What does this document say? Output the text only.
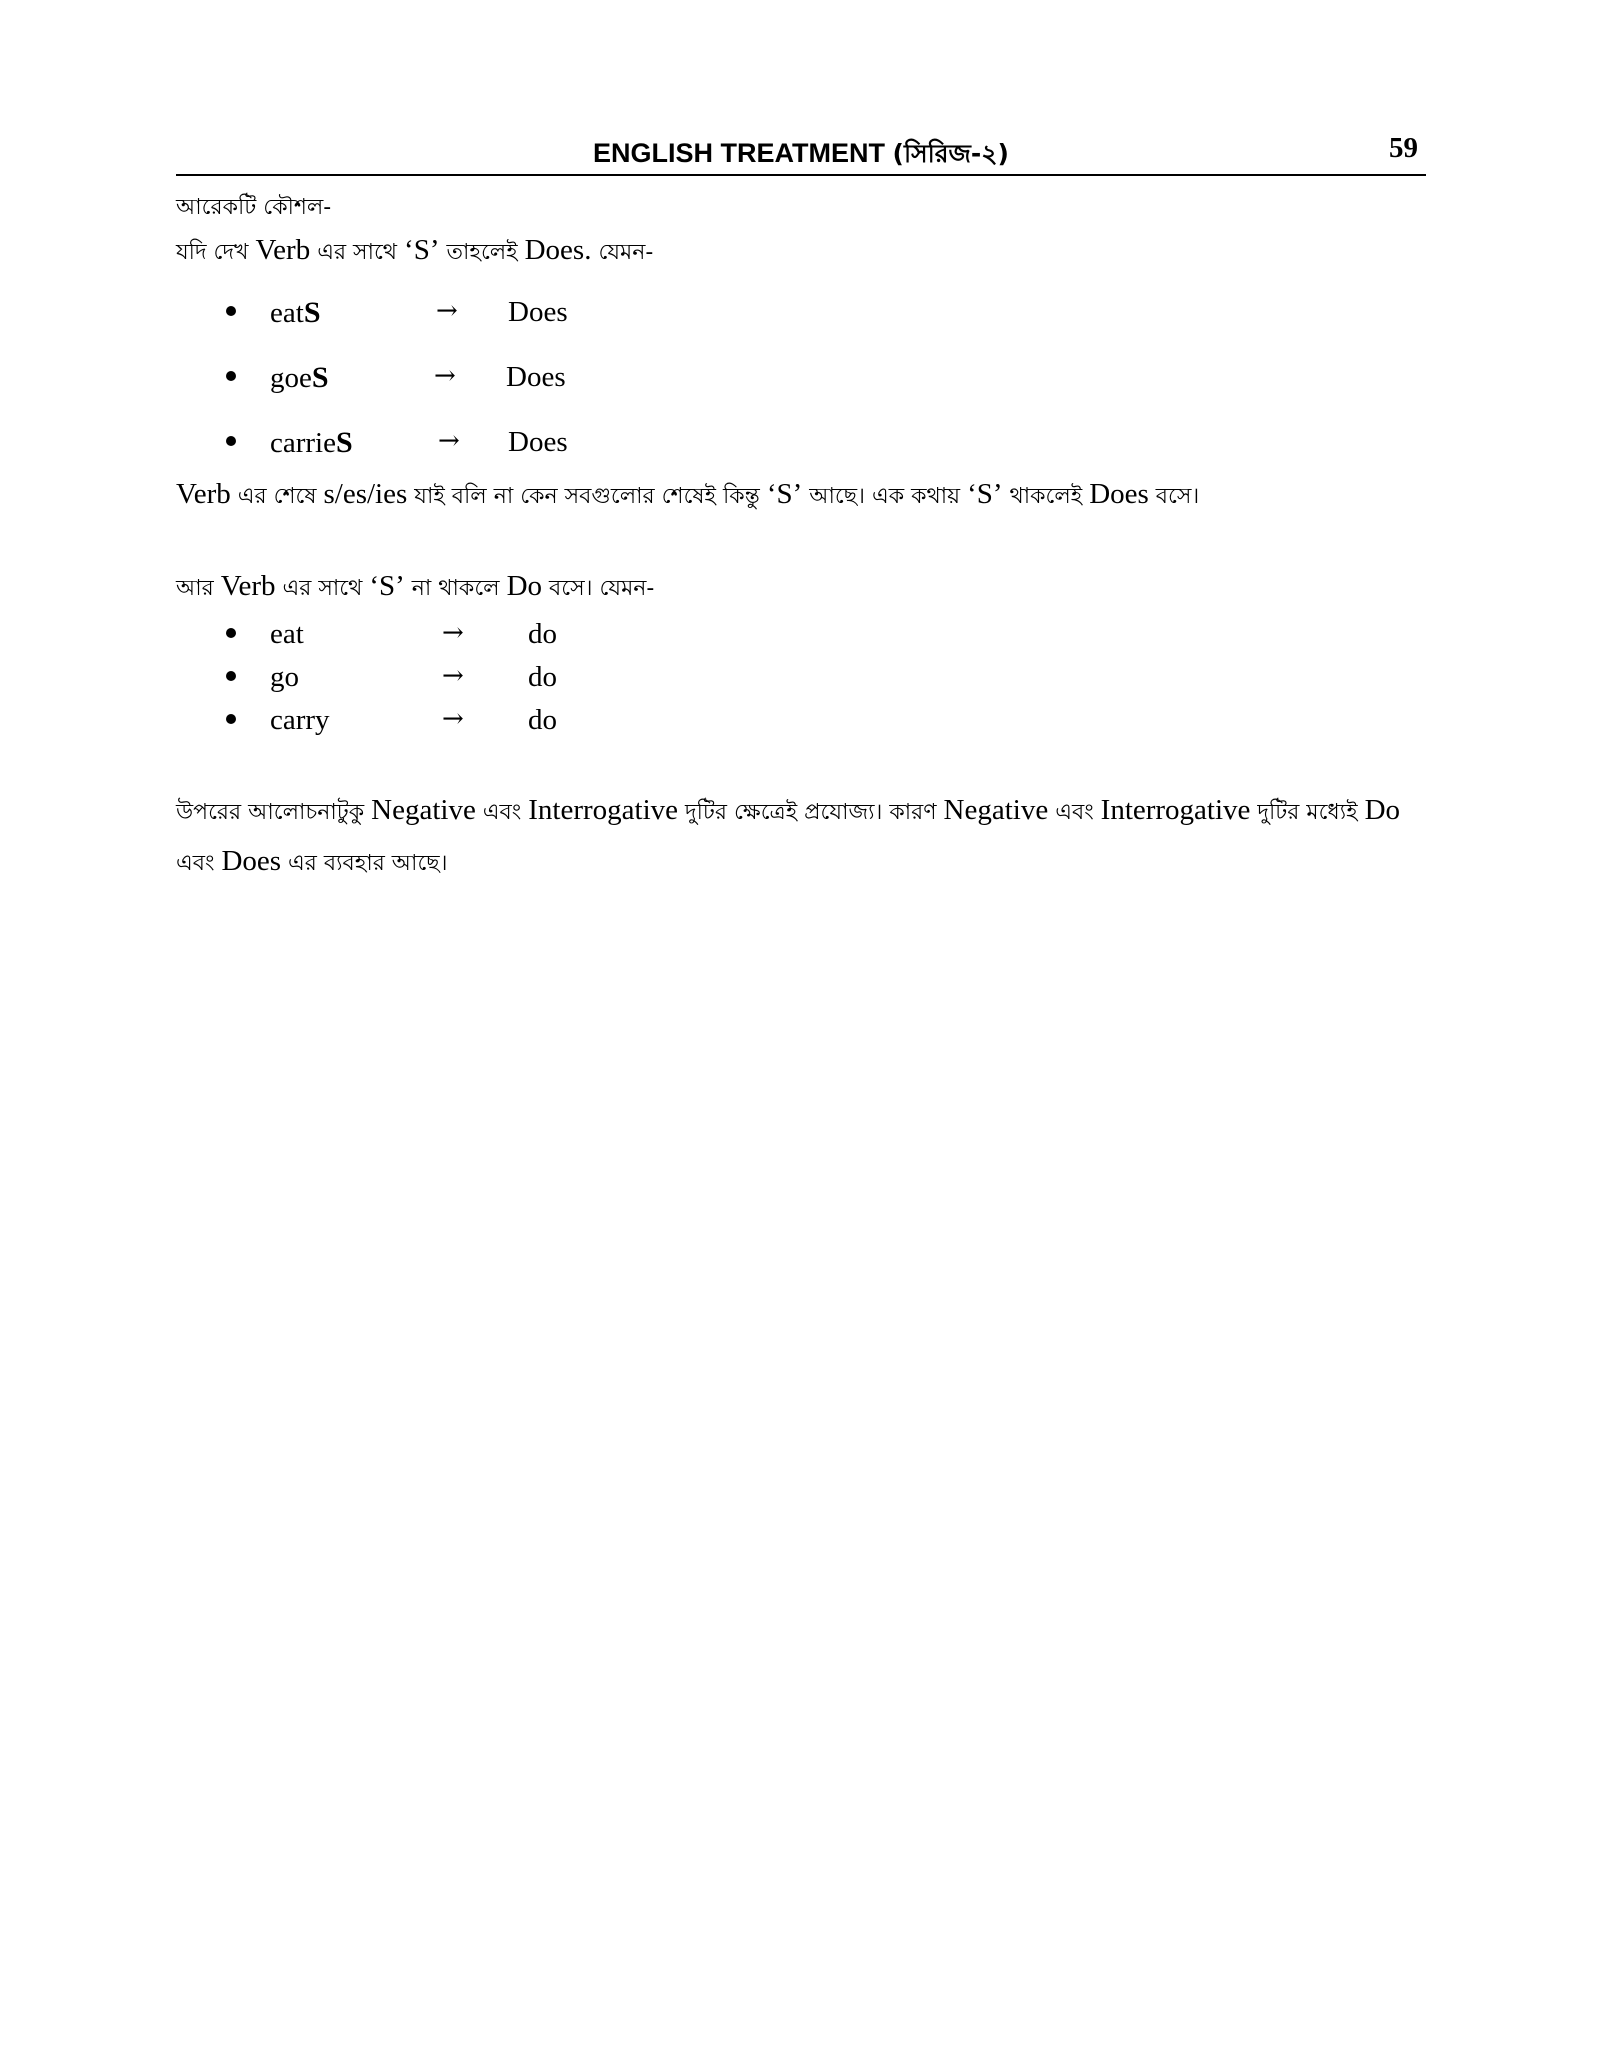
ENGLISH TREATMENT (সিরিজ-২)	59
আরেকটি কৌশল-
যদি দেখ Verb এর সাথে ‘S’ তাহলেই Does. যেমন-
eatS	→ Does
goeS	→ Does
carrieS	→ Does
Verb এর শেষে s/es/ies যাই বলি না কেন সবগুলোর শেষেই কিন্তু ‘S’ আছে। এক কথায় ‘S’ থাকলেই Does বসে।
আর Verb এর সাথে ‘S’ না থাকলে Do বসে। যেমন-
eat	→ do
go	→ do
carry	→ do
উপরের আলোচনাটুকু Negative এবং Interrogative দুটির ক্ষেত্রেই প্রযোজ্য। কারণ Negative এবং Interrogative দুটির মধ্যেই Do এবং Does এর ব্যবহার আছে।
